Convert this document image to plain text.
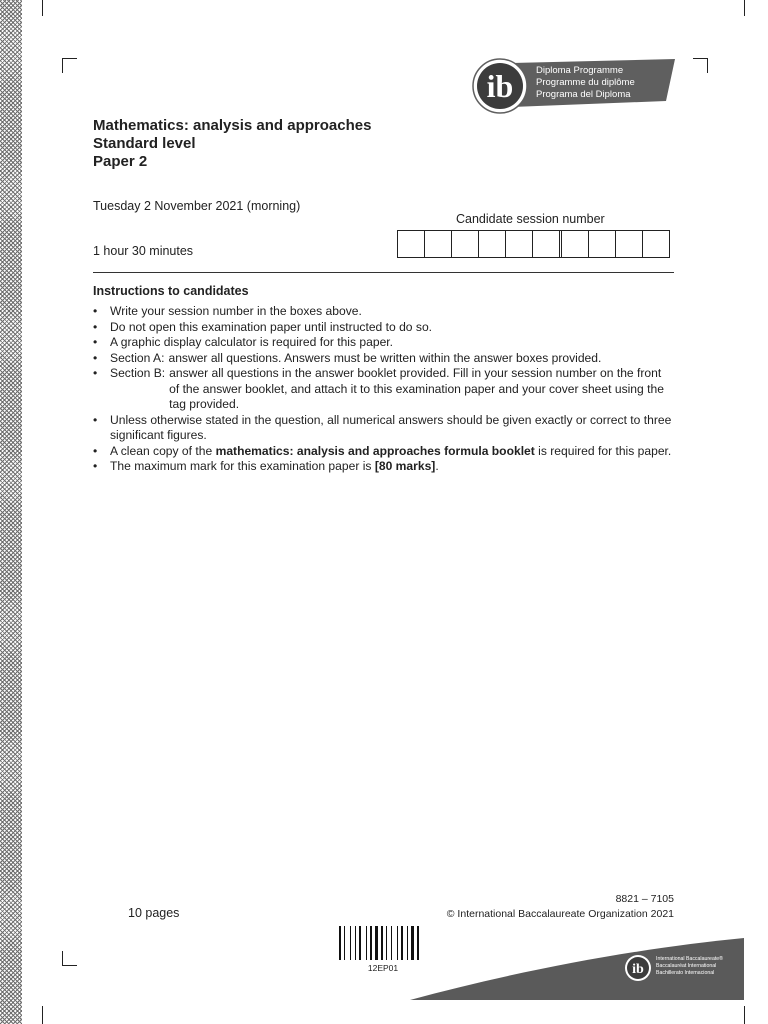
ib Diploma Programme
Programme du diplôme
Programa del Diploma
Mathematics: analysis and approaches
Standard level
Paper 2
Tuesday 2 November 2021 (morning)
1 hour 30 minutes
Candidate session number
Instructions to candidates
• Write your session number in the boxes above.
• Do not open this examination paper until instructed to do so.
• A graphic display calculator is required for this paper.
• Section A: answer all questions. Answers must be written within the answer boxes provided.
• Section B: answer all questions in the answer booklet provided. Fill in your session number on the front of the answer booklet, and attach it to this examination paper and your cover sheet using the tag provided.
• Unless otherwise stated in the question, all numerical answers should be given exactly or correct to three significant figures.
• A clean copy of the mathematics: analysis and approaches formula booklet is required for this paper.
• The maximum mark for this examination paper is [80 marks].
10 pages
8821 – 7105
© International Baccalaureate Organization 2021
12EP01	ib
International Baccalaureate®
Baccalauréat International
Bachillerato Internacional
